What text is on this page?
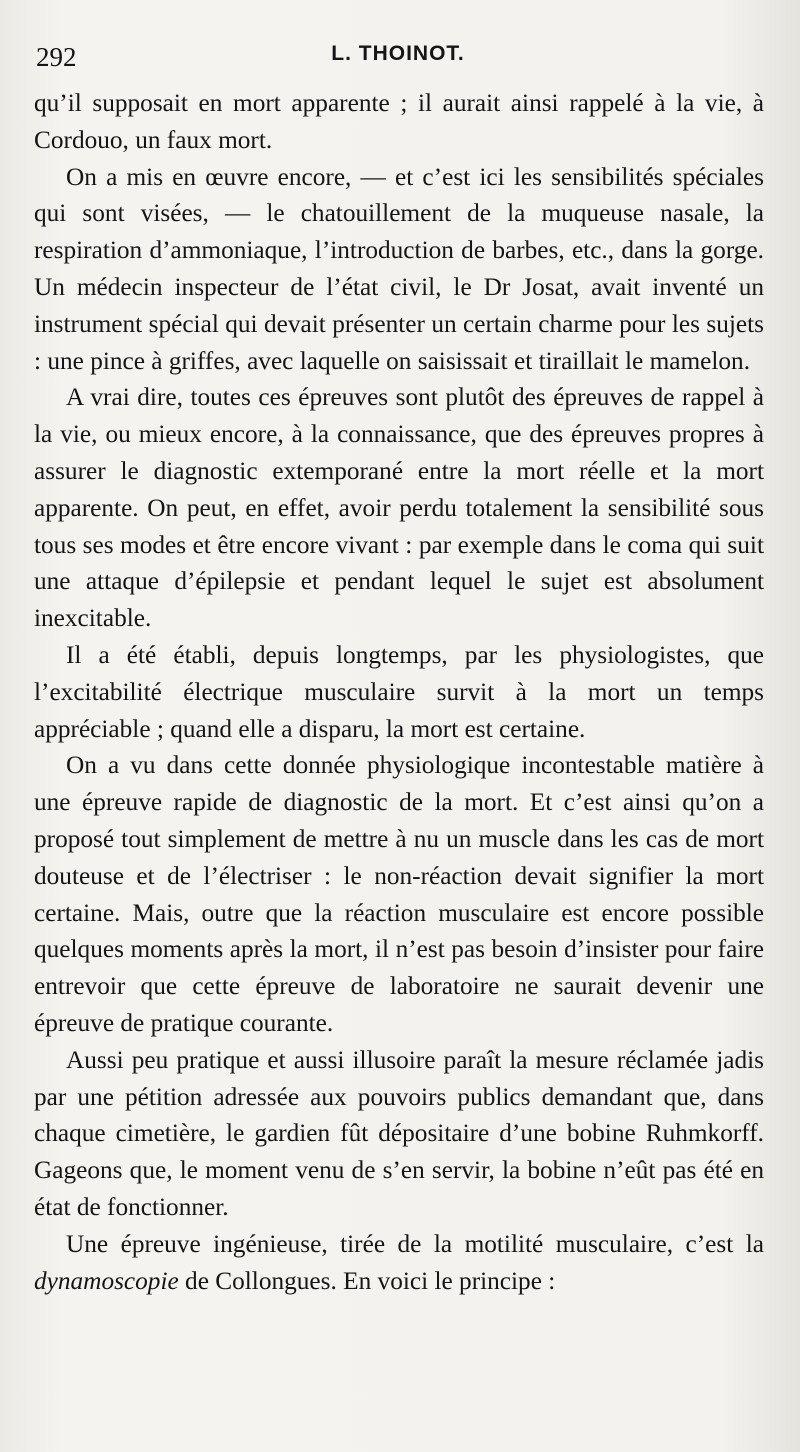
292	L. THOINOT.

qu’il supposait en mort apparente ; il aurait ainsi rappelé à la vie, à Cordouo, un faux mort.

On a mis en œuvre encore, — et c’est ici les sensibilités spéciales qui sont visées, — le chatouillement de la muqueuse nasale, la respiration d’ammoniaque, l’introduction de barbes, etc., dans la gorge. Un médecin inspecteur de l’état civil, le Dr Josat, avait inventé un instrument spécial qui devait présenter un certain charme pour les sujets : une pince à griffes, avec laquelle on saisissait et tiraillait le mamelon.

A vrai dire, toutes ces épreuves sont plutôt des épreuves de rappel à la vie, ou mieux encore, à la connaissance, que des épreuves propres à assurer le diagnostic extemporané entre la mort réelle et la mort apparente. On peut, en effet, avoir perdu totalement la sensibilité sous tous ses modes et être encore vivant : par exemple dans le coma qui suit une attaque d’épilepsie et pendant lequel le sujet est absolument inexcitable.

Il a été établi, depuis longtemps, par les physiologistes, que l’excitabilité électrique musculaire survit à la mort un temps appréciable ; quand elle a disparu, la mort est certaine.

On a vu dans cette donnée physiologique incontestable matière à une épreuve rapide de diagnostic de la mort. Et c’est ainsi qu’on a proposé tout simplement de mettre à nu un muscle dans les cas de mort douteuse et de l’électriser : le non-réaction devait signifier la mort certaine. Mais, outre que la réaction musculaire est encore possible quelques moments après la mort, il n’est pas besoin d’insister pour faire entrevoir que cette épreuve de laboratoire ne saurait devenir une épreuve de pratique courante.

Aussi peu pratique et aussi illusoire paraît la mesure réclamée jadis par une pétition adressée aux pouvoirs publics demandant que, dans chaque cimetière, le gardien fût dépositaire d’une bobine Ruhmkorff. Gageons que, le moment venu de s’en servir, la bobine n’eût pas été en état de fonctionner.

Une épreuve ingénieuse, tirée de la motilité musculaire, c’est la dynamoscopie de Collongues. En voici le principe :
